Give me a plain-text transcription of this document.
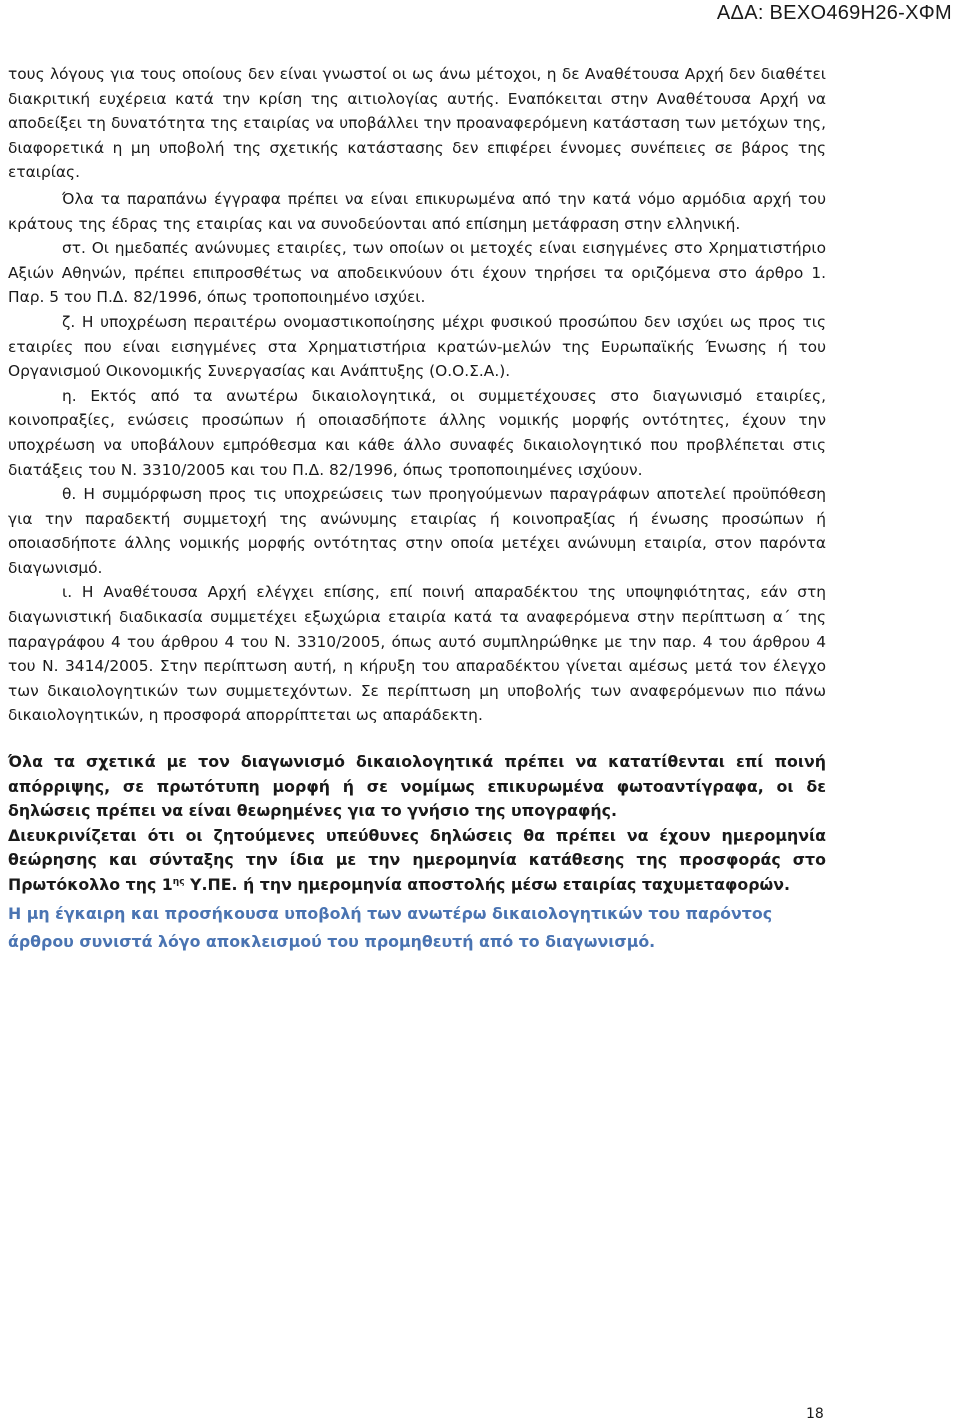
ΑΔΑ: ΒΕΧΟ469Η26-ΧΦΜ

τους λόγους για τους οποίους δεν είναι γνωστοί οι ως άνω μέτοχοι, η δε Αναθέτουσα Αρχή δεν διαθέτει διακριτική ευχέρεια κατά την κρίση της αιτιολογίας αυτής. Εναπόκειται στην Αναθέτουσα Αρχή να αποδείξει τη δυνατότητα της εταιρίας να υποβάλλει την προαναφερόμενη κατάσταση των μετόχων της, διαφορετικά η μη υποβολή της σχετικής κατάστασης δεν επιφέρει έννομες συνέπειες σε βάρος της εταιρίας.

Όλα τα παραπάνω έγγραφα πρέπει να είναι επικυρωμένα από την κατά νόμο αρμόδια αρχή του κράτους της έδρας της εταιρίας και να συνοδεύονται από επίσημη μετάφραση στην ελληνική.

στ. Οι ημεδαπές ανώνυμες εταιρίες, των οποίων οι μετοχές είναι εισηγμένες στο Χρηματιστήριο Αξιών Αθηνών, πρέπει επιπροσθέτως να αποδεικνύουν ότι έχουν τηρήσει τα οριζόμενα στο άρθρο 1. Παρ. 5 του Π.Δ. 82/1996, όπως τροποποιημένο ισχύει.

ζ. Η υποχρέωση περαιτέρω ονομαστικοποίησης μέχρι φυσικού προσώπου δεν ισχύει ως προς τις εταιρίες που είναι εισηγμένες στα Χρηματιστήρια κρατών-μελών της Ευρωπαϊκής Ένωσης ή του Οργανισμού Οικονομικής Συνεργασίας και Ανάπτυξης (Ο.Ο.Σ.Α.).

η. Εκτός από τα ανωτέρω δικαιολογητικά, οι συμμετέχουσες στο διαγωνισμό εταιρίες, κοινοπραξίες, ενώσεις προσώπων ή οποιασδήποτε άλλης νομικής μορφής οντότητες, έχουν την υποχρέωση να υποβάλουν εμπρόθεσμα και κάθε άλλο συναφές δικαιολογητικό που προβλέπεται στις διατάξεις του Ν. 3310/2005 και του Π.Δ. 82/1996, όπως τροποποιημένες ισχύουν.

θ. Η συμμόρφωση προς τις υποχρεώσεις των προηγούμενων παραγράφων αποτελεί προϋπόθεση για την παραδεκτή συμμετοχή της ανώνυμης εταιρίας ή κοινοπραξίας ή ένωσης προσώπων ή οποιασδήποτε άλλης νομικής μορφής οντότητας στην οποία μετέχει ανώνυμη εταιρία, στον παρόντα διαγωνισμό.

ι. Η Αναθέτουσα Αρχή ελέγχει επίσης, επί ποινή απαραδέκτου της υποψηφιότητας, εάν στη διαγωνιστική διαδικασία συμμετέχει εξωχώρια εταιρία κατά τα αναφερόμενα στην περίπτωση α΄ της παραγράφου 4 του άρθρου 4 του Ν. 3310/2005, όπως αυτό συμπληρώθηκε με την παρ. 4 του άρθρου 4 του Ν. 3414/2005. Στην περίπτωση αυτή, η κήρυξη του απαραδέκτου γίνεται αμέσως μετά τον έλεγχο των δικαιολογητικών των συμμετεχόντων. Σε περίπτωση μη υποβολής των αναφερόμενων πιο πάνω δικαιολογητικών, η προσφορά απορρίπτεται ως απαράδεκτη.

Όλα τα σχετικά με τον διαγωνισμό δικαιολογητικά πρέπει να κατατίθενται επί ποινή απόρριψης, σε πρωτότυπη μορφή ή σε νομίμως επικυρωμένα φωτοαντίγραφα, οι δε δηλώσεις πρέπει να είναι θεωρημένες για το γνήσιο της υπογραφής.

Διευκρινίζεται ότι οι ζητούμενες υπεύθυνες δηλώσεις θα πρέπει να έχουν ημερομηνία θεώρησης και σύνταξης την ίδια με την ημερομηνία κατάθεσης της προσφοράς στο Πρωτόκολλο της $1^{\eta\varsigma}$ Υ.ΠΕ. ή την ημερομηνία αποστολής μέσω εταιρίας ταχυμεταφορών.

Η μη έγκαιρη και προσήκουσα υποβολή των ανωτέρω δικαιολογητικών του παρόντος άρθρου συνιστά λόγο αποκλεισμού του προμηθευτή από το διαγωνισμό.

18
